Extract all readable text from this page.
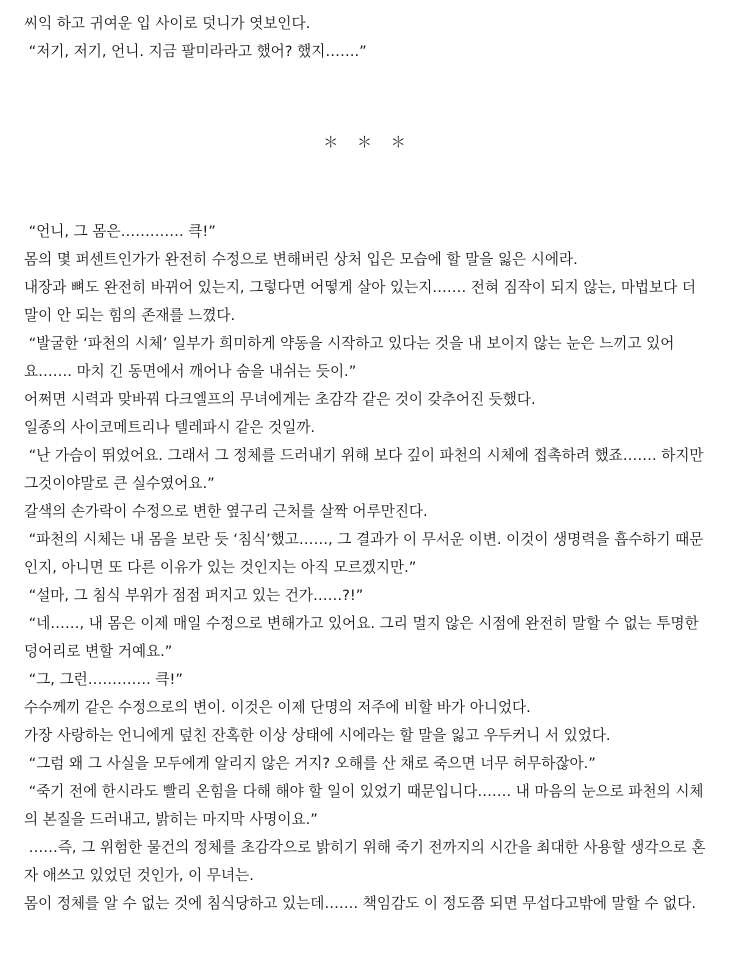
씨익 하고 귀여운 입 사이로 덧니가 엿보인다.

“저기, 저기, 언니. 지금 팔미라라고 했어? 했지…….”

＊ ＊ ＊

“언니, 그 몸은…………. 큭!”

몸의 몇 퍼센트인가가 완전히 수정으로 변해버린 상처 입은 모습에 할 말을 잃은 시에라.

내장과 뼈도 완전히 바뀌어 있는지, 그렇다면 어떻게 살아 있는지……. 전혀 짐작이 되지 않는, 마법보다 더 말이 안 되는 힘의 존재를 느꼈다.

“발굴한 ‘파천의 시체’ 일부가 희미하게 약동을 시작하고 있다는 것을 내 보이지 않는 눈은 느끼고 있어요……. 마치 긴 동면에서 깨어나 숨을 내쉬는 듯이.”

어쩌면 시력과 맞바꿔 다크엘프의 무녀에게는 초감각 같은 것이 갖추어진 듯했다.

일종의 사이코메트리나 텔레파시 같은 것일까.

“난 가슴이 뛰었어요. 그래서 그 정체를 드러내기 위해 보다 깊이 파천의 시체에 접촉하려 했죠……. 하지만 그것이야말로 큰 실수였어요.”

갈색의 손가락이 수정으로 변한 옆구리 근처를 살짝 어루만진다.

“파천의 시체는 내 몸을 보란 듯 ‘침식’했고……, 그 결과가 이 무서운 이변. 이것이 생명력을 흡수하기 때문인지, 아니면 또 다른 이유가 있는 것인지는 아직 모르겠지만.”

“설마, 그 침식 부위가 점점 퍼지고 있는 건가……?!”

“네……, 내 몸은 이제 매일 수정으로 변해가고 있어요. 그리 멀지 않은 시점에 완전히 말할 수 없는 투명한 덩어리로 변할 거예요.”

“그, 그런…………. 큭!”

수수께끼 같은 수정으로의 변이. 이것은 이제 단명의 저주에 비할 바가 아니었다.

가장 사랑하는 언니에게 덮친 잔혹한 이상 상태에 시에라는 할 말을 잃고 우두커니 서 있었다.

“그럼 왜 그 사실을 모두에게 알리지 않은 거지? 오해를 산 채로 죽으면 너무 허무하잖아.”

“죽기 전에 한시라도 빨리 온힘을 다해 해야 할 일이 있었기 때문입니다……. 내 마음의 눈으로 파천의 시체의 본질을 드러내고, 밝히는 마지막 사명이요.”

……즉, 그 위험한 물건의 정체를 초감각으로 밝히기 위해 죽기 전까지의 시간을 최대한 사용할 생각으로 혼자 애쓰고 있었던 것인가, 이 무녀는.

몸이 정체를 알 수 없는 것에 침식당하고 있는데……. 책임감도 이 정도쯤 되면 무섭다고밖에 말할 수 없다.
